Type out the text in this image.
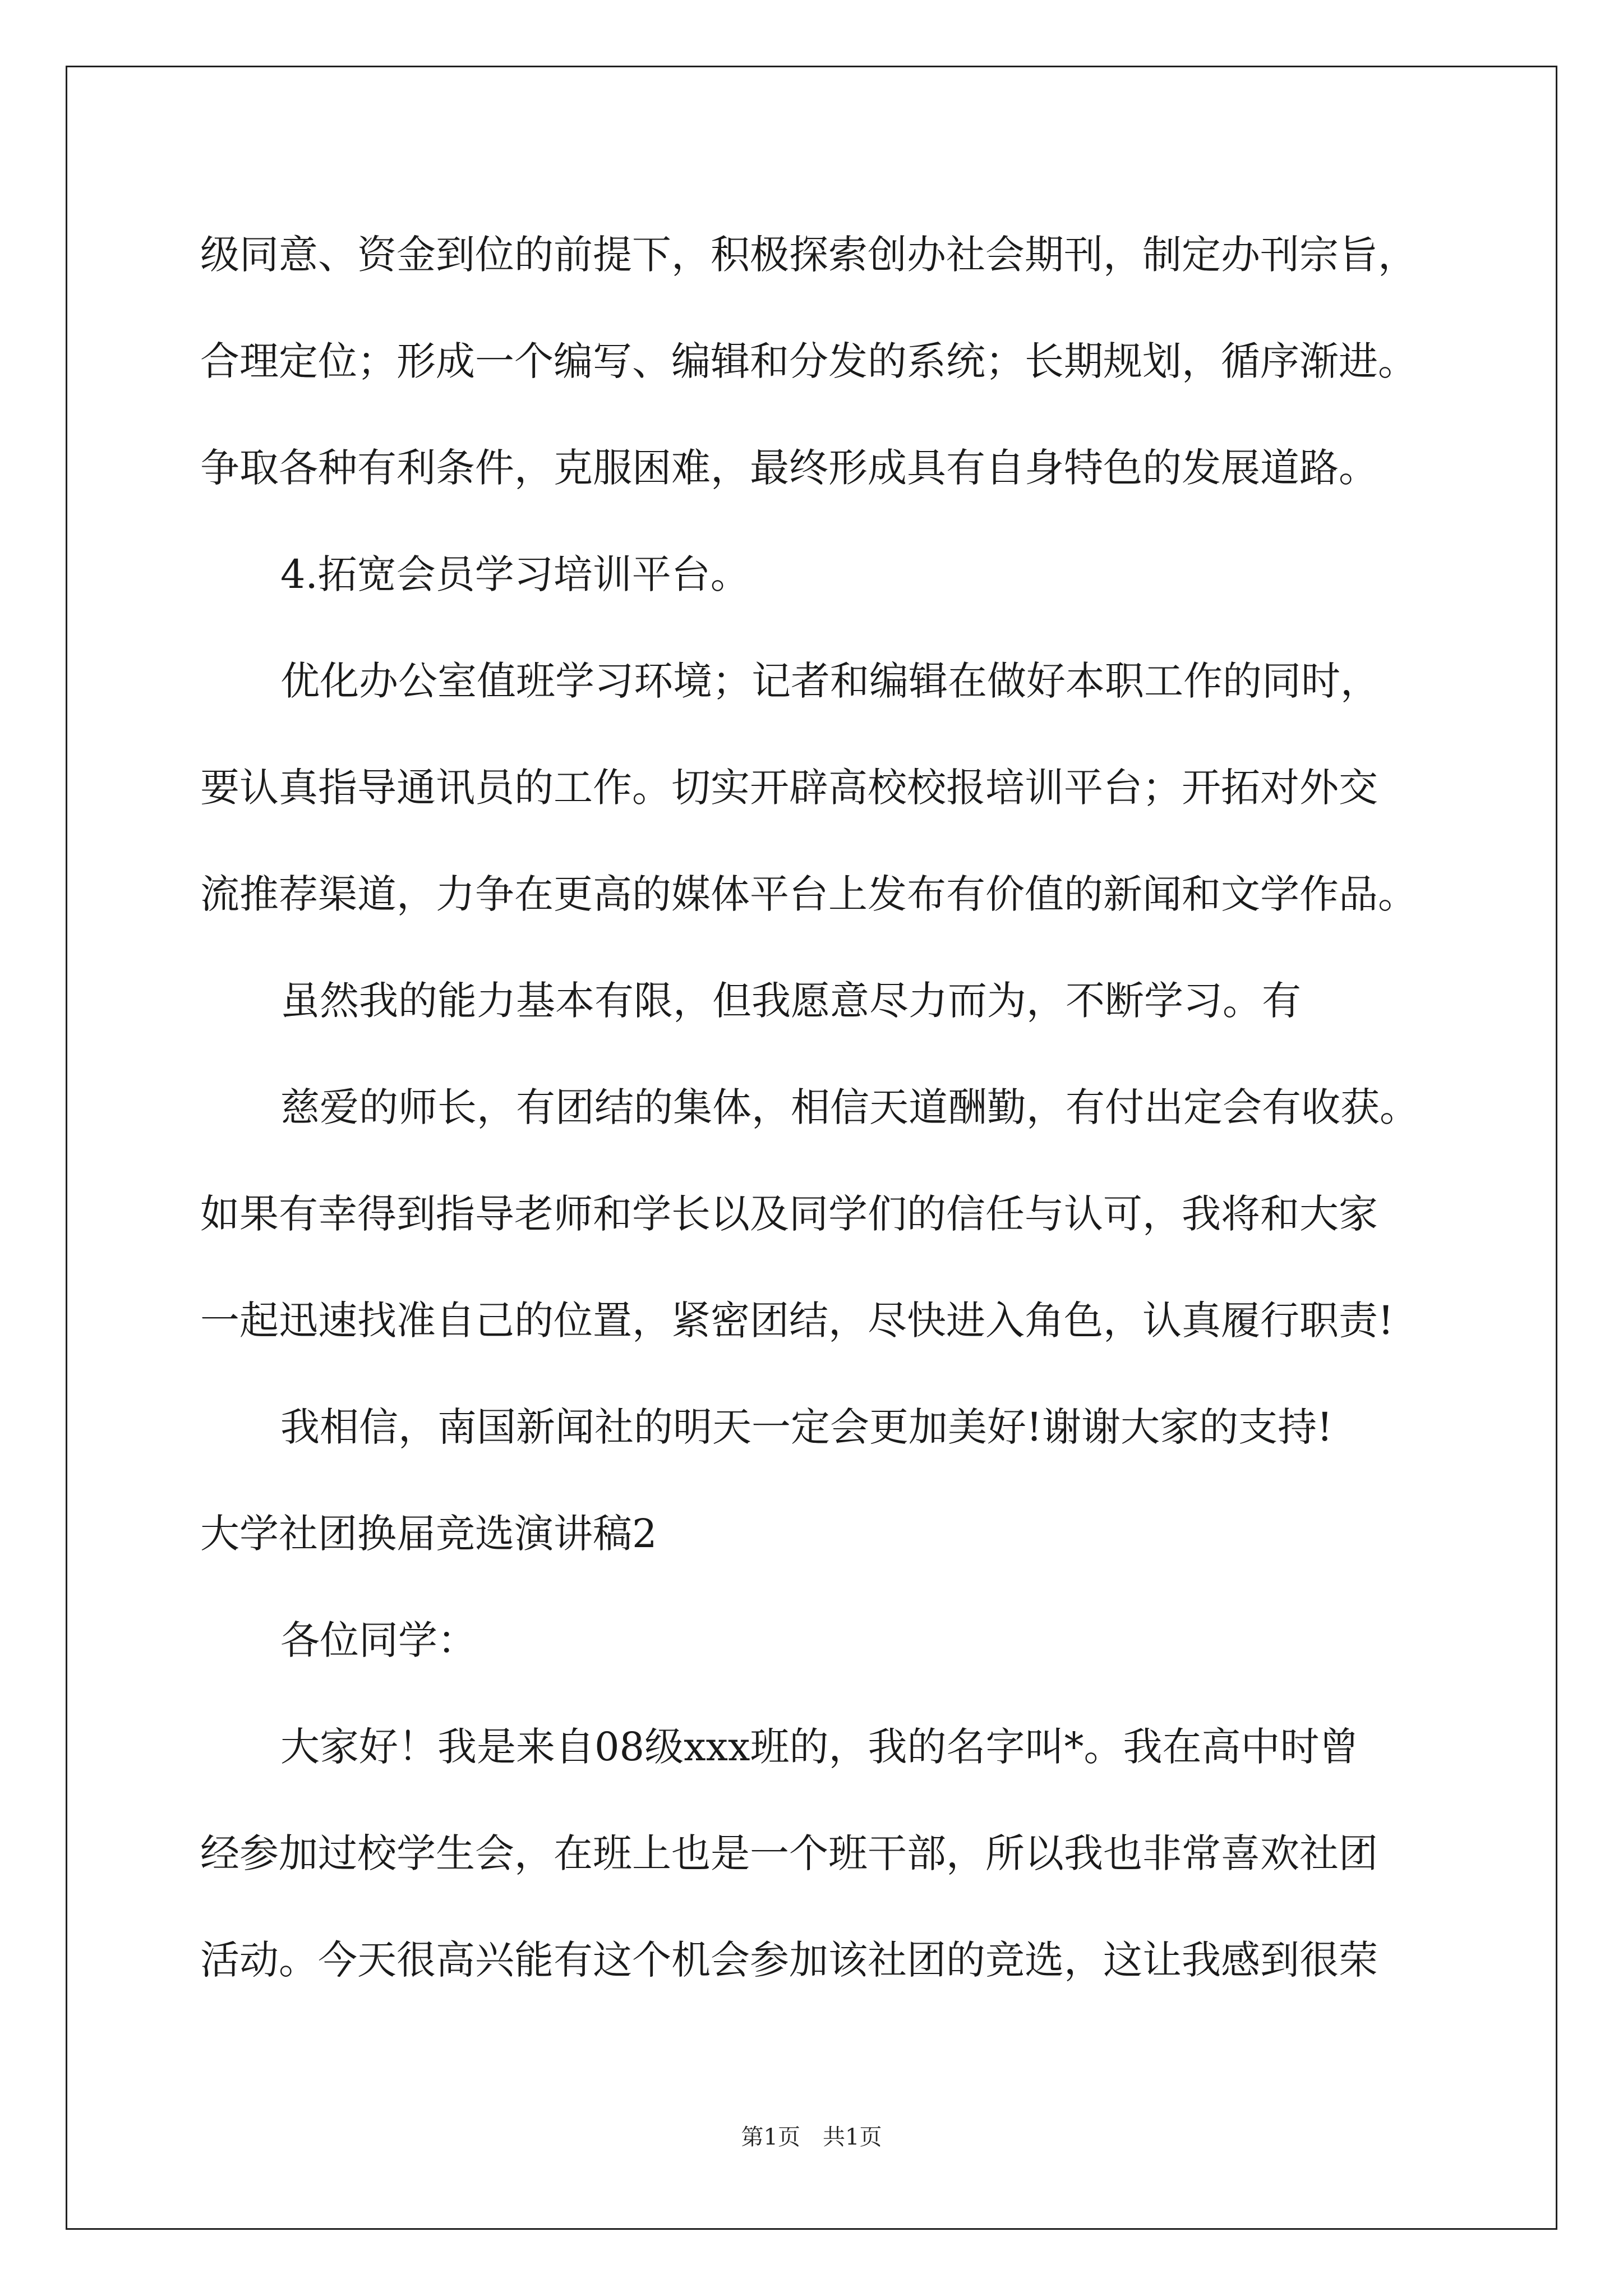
级同意、资金到位的前提下，积极探索创办社会期刊，制定办刊宗旨，
合理定位；形成一个编写、编辑和分发的系统；长期规划，循序渐进。
争取各种有利条件，克服困难，最终形成具有自身特色的发展道路。
4.拓宽会员学习培训平台。
优化办公室值班学习环境；记者和编辑在做好本职工作的同时，
要认真指导通讯员的工作。切实开辟高校校报培训平台；开拓对外交
流推荐渠道，力争在更高的媒体平台上发布有价值的新闻和文学作品。
虽然我的能力基本有限，但我愿意尽力而为，不断学习。有
慈爱的师长，有团结的集体，相信天道酬勤，有付出定会有收获。
如果有幸得到指导老师和学长以及同学们的信任与认可，我将和大家
一起迅速找准自己的位置，紧密团结，尽快进入角色，认真履行职责!
我相信，南国新闻社的明天一定会更加美好!谢谢大家的支持!
大学社团换届竞选演讲稿2
各位同学：
大家好！我是来自08级xxx班的，我的名字叫*。我在高中时曾
经参加过校学生会，在班上也是一个班干部，所以我也非常喜欢社团
活动。今天很高兴能有这个机会参加该社团的竞选，这让我感到很荣
第1页　共1页
